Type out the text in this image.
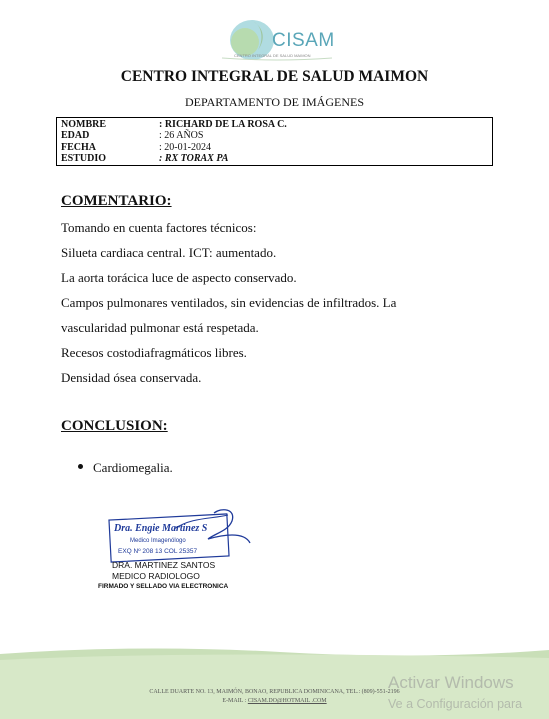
CISAM
CENTRO INTEGRAL DE SALUD MAIMON
CENTRO INTEGRAL DE SALUD MAIMON
DEPARTAMENTO DE IMÁGENES
NOMBRE	: RICHARD DE LA ROSA C.
EDAD	: 26 AÑOS
FECHA	: 20-01-2024
ESTUDIO	: RX TORAX PA
COMENTARIO:
Tomando en cuenta factores técnicos:
Silueta cardiaca central. ICT: aumentado.
La aorta torácica luce de aspecto conservado.
Campos pulmonares ventilados, sin evidencias de infiltrados. La
vascularidad pulmonar está respetada.
Recesos costodiafragmáticos libres.
Densidad ósea conservada.
CONCLUSION:
Cardiomegalia.
Dra. Engie Martinez S
Medico Imagenólogo
EXQ Nº 208 13 COL 25357
DRA. MARTINEZ SANTOS
MEDICO RADIOLOGO
FIRMADO Y SELLADO VIA ELECTRONICA
CALLE DUARTE NO. 13, MAIMÓN, BONAO, REPUBLICA DOMINICANA, TEL.: (809)-551-2196
E-MAIL : CISAM.DO@HOTMAIL .COM
Activar Windows
Ve a Configuración para
